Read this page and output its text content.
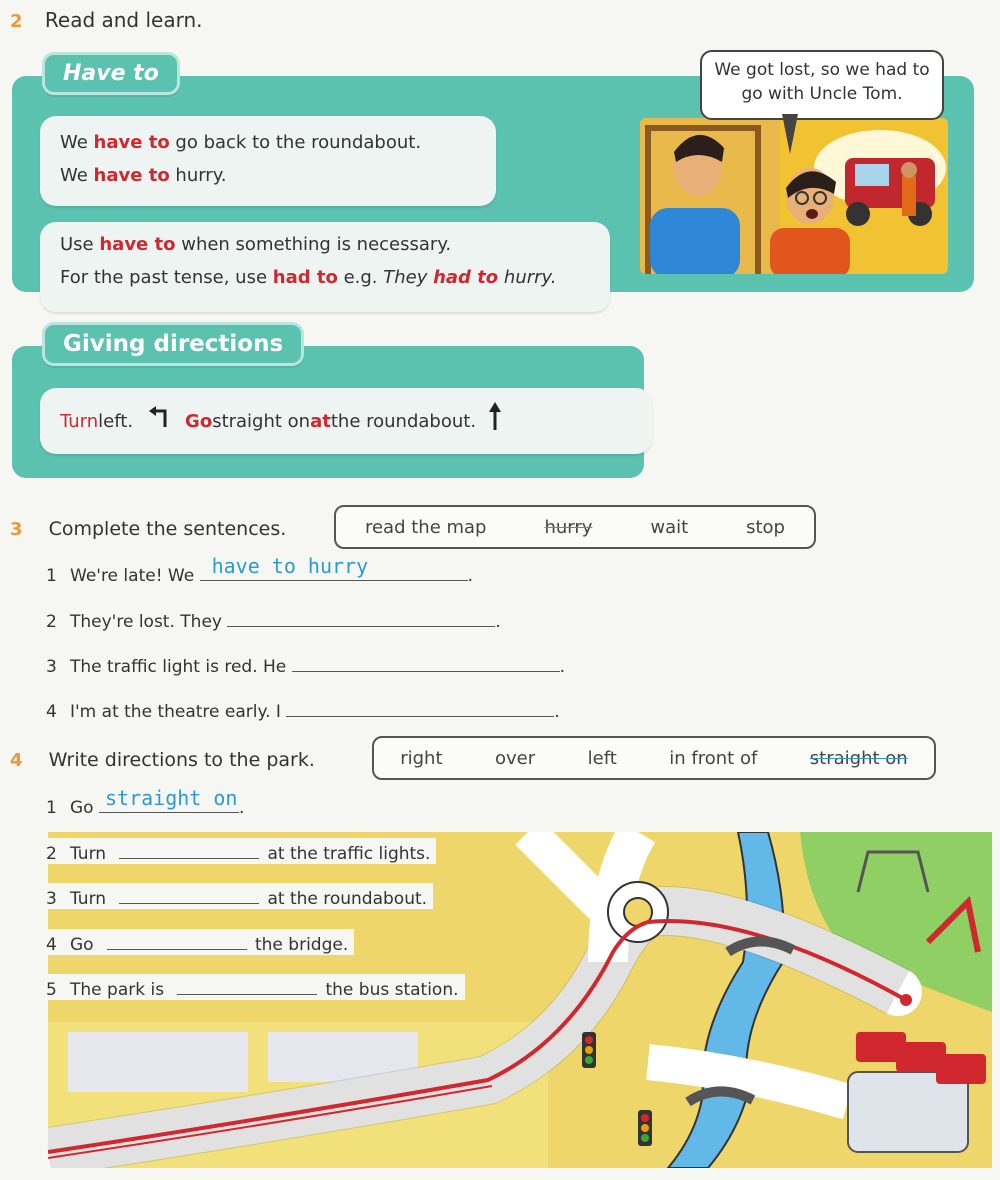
2 Read and learn.
Have to
We have to go back to the roundabout.
We have to hurry.
Use have to when something is necessary.
For the past tense, use had to e.g. They had to hurry.
We got lost, so we had to go with Uncle Tom.
Giving directions
Turn left.	Go straight on at the roundabout.
3 Complete the sentences.	read the map	hurry	wait	stop
1 We're late! We have to hurry	.
2 They're lost. They	.
3 The traffic light is red. He	.
4 I'm at the theatre early. I	.
4 Write directions to the park.	right	over	left	in front of	straight on
1 Go straight on .
2 Turn	at the traffic lights.
3 Turn	at the roundabout.
4 Go	the bridge.
5 The park is	the bus station.
